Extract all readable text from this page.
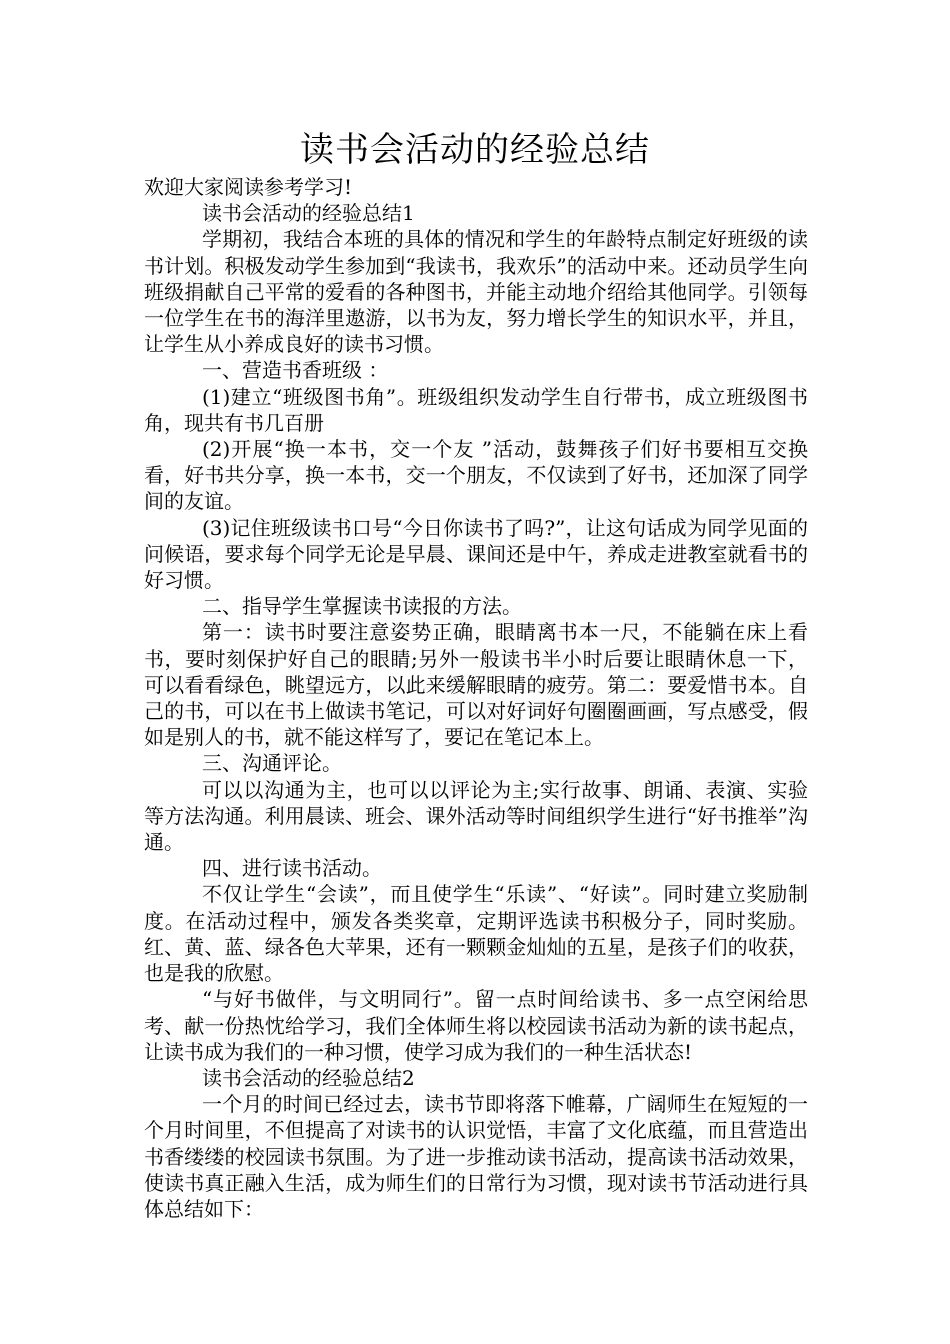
读书会活动的经验总结

欢迎大家阅读参考学习!

读书会活动的经验总结1

学期初，我结合本班的具体的情况和学生的年龄特点制定好班级的读书计划。积极发动学生参加到“我读书，我欢乐”的活动中来。还动员学生向班级捐献自己平常的爱看的各种图书，并能主动地介绍给其他同学。引领每一位学生在书的海洋里遨游，以书为友，努力增长学生的知识水平，并且，让学生从小养成良好的读书习惯。

一、营造书香班级 ：

(1)建立“班级图书角”。班级组织发动学生自行带书，成立班级图书角，现共有书几百册

(2)开展“换一本书，交一个友 ”活动，鼓舞孩子们好书要相互交换看，好书共分享，换一本书，交一个朋友，不仅读到了好书，还加深了同学间的友谊。

(3)记住班级读书口号“今日你读书了吗?”，让这句话成为同学见面的问候语，要求每个同学无论是早晨、课间还是中午，养成走进教室就看书的好习惯。

二、指导学生掌握读书读报的方法。

第一：读书时要注意姿势正确，眼睛离书本一尺，不能躺在床上看书，要时刻保护好自己的眼睛;另外一般读书半小时后要让眼睛休息一下，可以看看绿色，眺望远方，以此来缓解眼睛的疲劳。第二：要爱惜书本。自己的书，可以在书上做读书笔记，可以对好词好句圈圈画画，写点感受，假如是别人的书，就不能这样写了，要记在笔记本上。

三、沟通评论。

可以以沟通为主，也可以以评论为主;实行故事、朗诵、表演、实验等方法沟通。利用晨读、班会、课外活动等时间组织学生进行“好书推举”沟通。

四、进行读书活动。

不仅让学生“会读”，而且使学生“乐读”、“好读”。同时建立奖励制度。在活动过程中，颁发各类奖章，定期评选读书积极分子，同时奖励。红、黄、蓝、绿各色大苹果，还有一颗颗金灿灿的五星，是孩子们的收获，也是我的欣慰。

“与好书做伴，与文明同行”。留一点时间给读书、多一点空闲给思考、献一份热忱给学习，我们全体师生将以校园读书活动为新的读书起点，让读书成为我们的一种习惯，使学习成为我们的一种生活状态!

读书会活动的经验总结2

一个月的时间已经过去，读书节即将落下帷幕，广阔师生在短短的一个月时间里，不但提高了对读书的认识觉悟，丰富了文化底蕴，而且营造出书香缕缕的校园读书氛围。为了进一步推动读书活动，提高读书活动效果，使读书真正融入生活，成为师生们的日常行为习惯，现对读书节活动进行具体总结如下：
